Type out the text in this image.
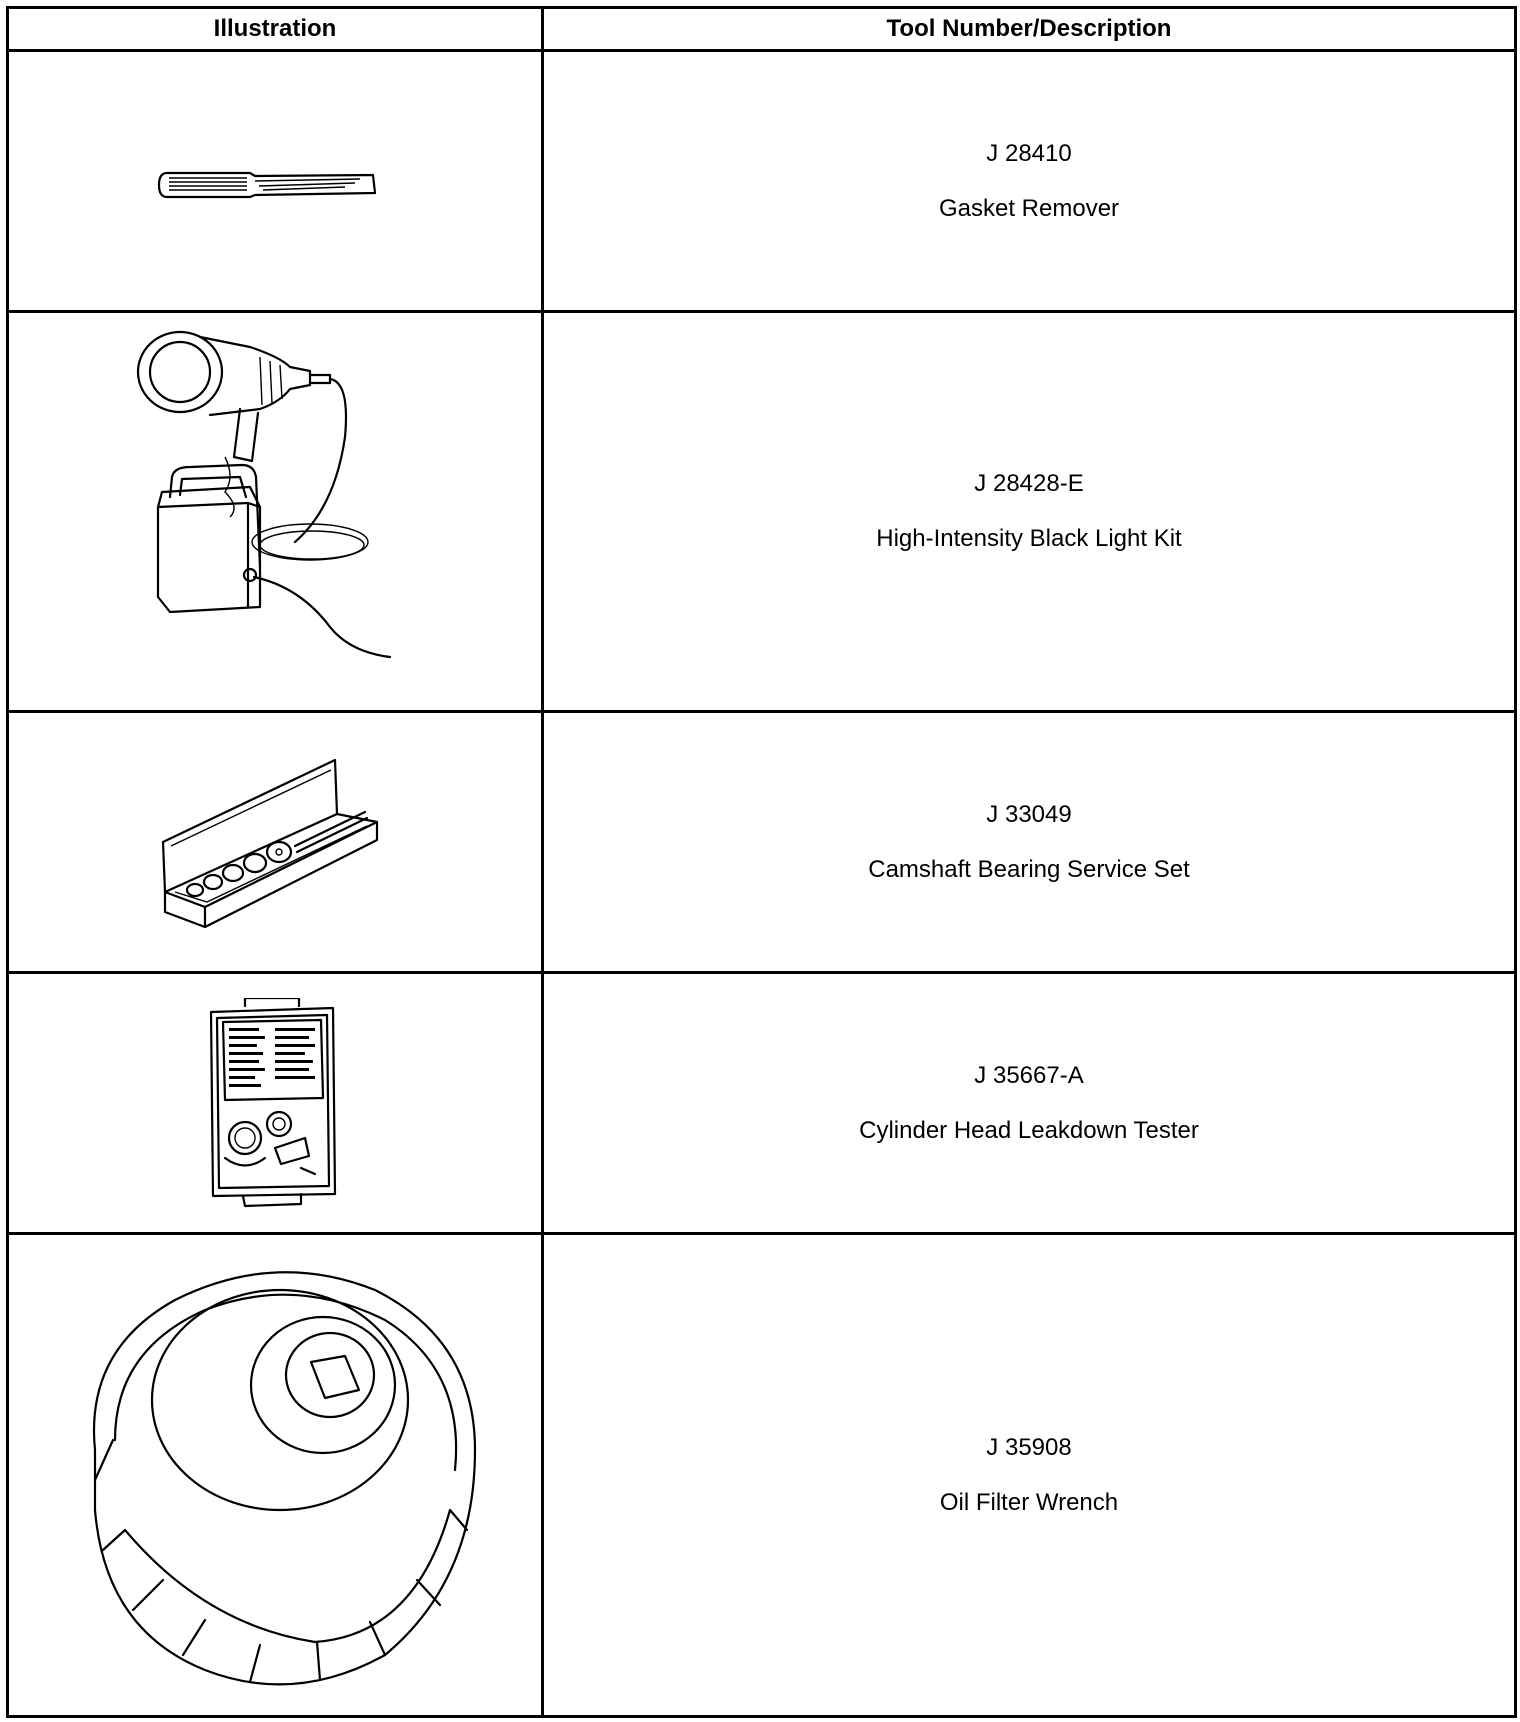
Illustration	Tool Number/Description

J 28410
Gasket Remover

J 28428-E
High-Intensity Black Light Kit

J 33049
Camshaft Bearing Service Set

J 35667-A
Cylinder Head Leakdown Tester

J 35908
Oil Filter Wrench
